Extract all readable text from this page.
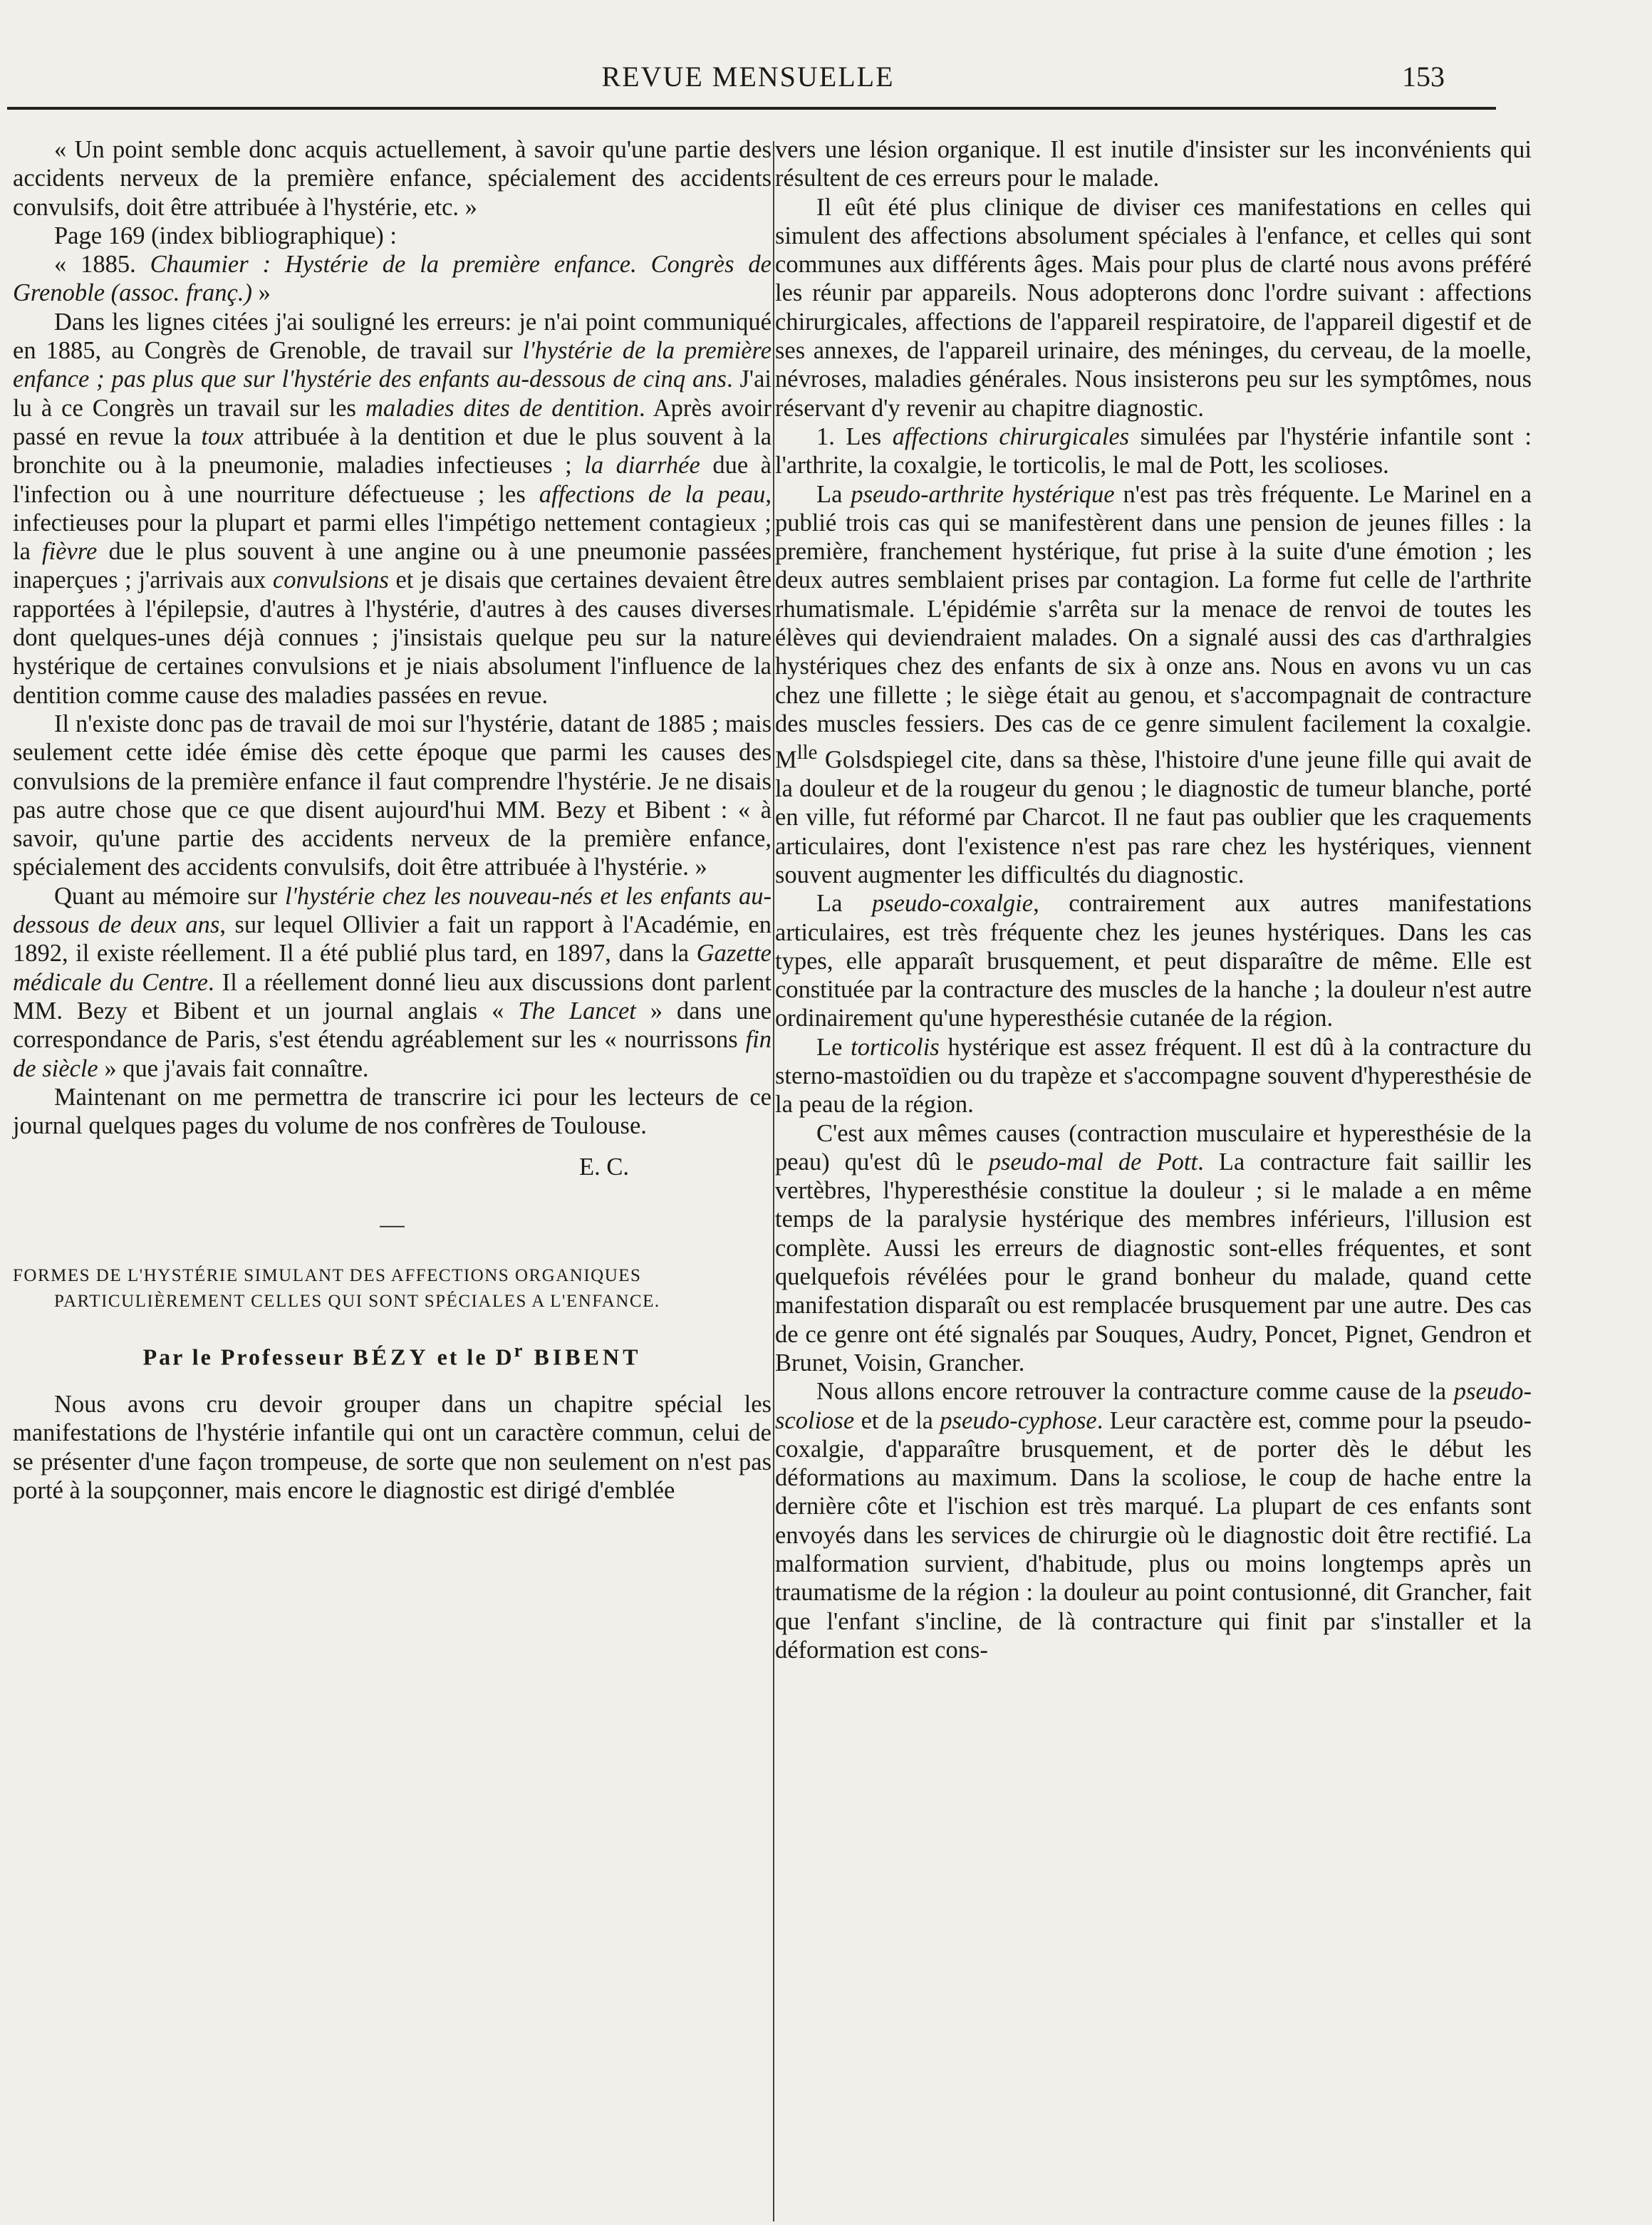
REVUE MENSUELLE	153

« Un point semble donc acquis actuellement, à savoir qu'une partie des accidents nerveux de la première enfance, spécialement des accidents convulsifs, doit être attribuée à l'hystérie, etc. »

Page 169 (index bibliographique) :

« 1885. Chaumier : Hystérie de la première enfance. Congrès de Grenoble (assoc. franç.) »

Dans les lignes citées j'ai souligné les erreurs: je n'ai point communiqué en 1885, au Congrès de Grenoble, de travail sur l'hystérie de la première enfance ; pas plus que sur l'hystérie des enfants au-dessous de cinq ans. J'ai lu à ce Congrès un travail sur les maladies dites de dentition. Après avoir passé en revue la toux attribuée à la dentition et due le plus souvent à la bronchite ou à la pneumonie, maladies infectieuses ; la diarrhée due à l'infection ou à une nourriture défectueuse ; les affections de la peau, infectieuses pour la plupart et parmi elles l'impétigo nettement contagieux ; la fièvre due le plus souvent à une angine ou à une pneumonie passées inaperçues ; j'arrivais aux convulsions et je disais que certaines devaient être rapportées à l'épilepsie, d'autres à l'hystérie, d'autres à des causes diverses dont quelques-unes déjà connues ; j'insistais quelque peu sur la nature hystérique de certaines convulsions et je niais absolument l'influence de la dentition comme cause des maladies passées en revue.

Il n'existe donc pas de travail de moi sur l'hystérie, datant de 1885 ; mais seulement cette idée émise dès cette époque que parmi les causes des convulsions de la première enfance il faut comprendre l'hystérie. Je ne disais pas autre chose que ce que disent aujourd'hui MM. Bezy et Bibent : « à savoir, qu'une partie des accidents nerveux de la première enfance, spécialement des accidents convulsifs, doit être attribuée à l'hystérie. »

Quant au mémoire sur l'hystérie chez les nouveau-nés et les enfants au-dessous de deux ans, sur lequel Ollivier a fait un rapport à l'Académie, en 1892, il existe réellement. Il a été publié plus tard, en 1897, dans la Gazette médicale du Centre. Il a réellement donné lieu aux discussions dont parlent MM. Bezy et Bibent et un journal anglais « The Lancet » dans une correspondance de Paris, s'est étendu agréablement sur les « nourrissons fin de siècle » que j'avais fait connaître.

Maintenant on me permettra de transcrire ici pour les lecteurs de ce journal quelques pages du volume de nos confrères de Toulouse.

E. C.

—

FORMES DE L'HYSTÉRIE SIMULANT DES AFFECTIONS ORGANIQUES
PARTICULIÈREMENT CELLES QUI SONT SPÉCIALES A L'ENFANCE.

Par le Professeur BÉZY et le $D^r$ BIBENT

Nous avons cru devoir grouper dans un chapitre spécial les manifestations de l'hystérie infantile qui ont un caractère commun, celui de se présenter d'une façon trompeuse, de sorte que non seulement on n'est pas porté à la soupçonner, mais encore le diagnostic est dirigé d'emblée

vers une lésion organique. Il est inutile d'insister sur les inconvénients qui résultent de ces erreurs pour le malade.

Il eût été plus clinique de diviser ces manifestations en celles qui simulent des affections absolument spéciales à l'enfance, et celles qui sont communes aux différents âges. Mais pour plus de clarté nous avons préféré les réunir par appareils. Nous adopterons donc l'ordre suivant : affections chirurgicales, affections de l'appareil respiratoire, de l'appareil digestif et de ses annexes, de l'appareil urinaire, des méninges, du cerveau, de la moelle, névroses, maladies générales. Nous insisterons peu sur les symptômes, nous réservant d'y revenir au chapitre diagnostic.

1. Les affections chirurgicales simulées par l'hystérie infantile sont : l'arthrite, la coxalgie, le torticolis, le mal de Pott, les scolioses.

La pseudo-arthrite hystérique n'est pas très fréquente. Le Marinel en a publié trois cas qui se manifestèrent dans une pension de jeunes filles : la première, franchement hystérique, fut prise à la suite d'une émotion ; les deux autres semblaient prises par contagion. La forme fut celle de l'arthrite rhumatismale. L'épidémie s'arrêta sur la menace de renvoi de toutes les élèves qui deviendraient malades. On a signalé aussi des cas d'arthralgies hystériques chez des enfants de six à onze ans. Nous en avons vu un cas chez une fillette ; le siège était au genou, et s'accompagnait de contracture des muscles fessiers. Des cas de ce genre simulent facilement la coxalgie. $M^{lle}$ Golsdspiegel cite, dans sa thèse, l'histoire d'une jeune fille qui avait de la douleur et de la rougeur du genou ; le diagnostic de tumeur blanche, porté en ville, fut réformé par Charcot. Il ne faut pas oublier que les craquements articulaires, dont l'existence n'est pas rare chez les hystériques, viennent souvent augmenter les difficultés du diagnostic.

La pseudo-coxalgie, contrairement aux autres manifestations articulaires, est très fréquente chez les jeunes hystériques. Dans les cas types, elle apparaît brusquement, et peut disparaître de même. Elle est constituée par la contracture des muscles de la hanche ; la douleur n'est autre ordinairement qu'une hyperesthésie cutanée de la région.

Le torticolis hystérique est assez fréquent. Il est dû à la contracture du sterno-mastoïdien ou du trapèze et s'accompagne souvent d'hyperesthésie de la peau de la région.

C'est aux mêmes causes (contraction musculaire et hyperesthésie de la peau) qu'est dû le pseudo-mal de Pott. La contracture fait saillir les vertèbres, l'hyperesthésie constitue la douleur ; si le malade a en même temps de la paralysie hystérique des membres inférieurs, l'illusion est complète. Aussi les erreurs de diagnostic sont-elles fréquentes, et sont quelquefois révélées pour le grand bonheur du malade, quand cette manifestation disparaît ou est remplacée brusquement par une autre. Des cas de ce genre ont été signalés par Souques, Audry, Poncet, Pignet, Gendron et Brunet, Voisin, Grancher.

Nous allons encore retrouver la contracture comme cause de la pseudo-scoliose et de la pseudo-cyphose. Leur caractère est, comme pour la pseudo-coxalgie, d'apparaître brusquement, et de porter dès le début les déformations au maximum. Dans la scoliose, le coup de hache entre la dernière côte et l'ischion est très marqué. La plupart de ces enfants sont envoyés dans les services de chirurgie où le diagnostic doit être rectifié. La malformation survient, d'habitude, plus ou moins longtemps après un traumatisme de la région : la douleur au point contusionné, dit Grancher, fait que l'enfant s'incline, de là contracture qui finit par s'installer et la déformation est cons-
